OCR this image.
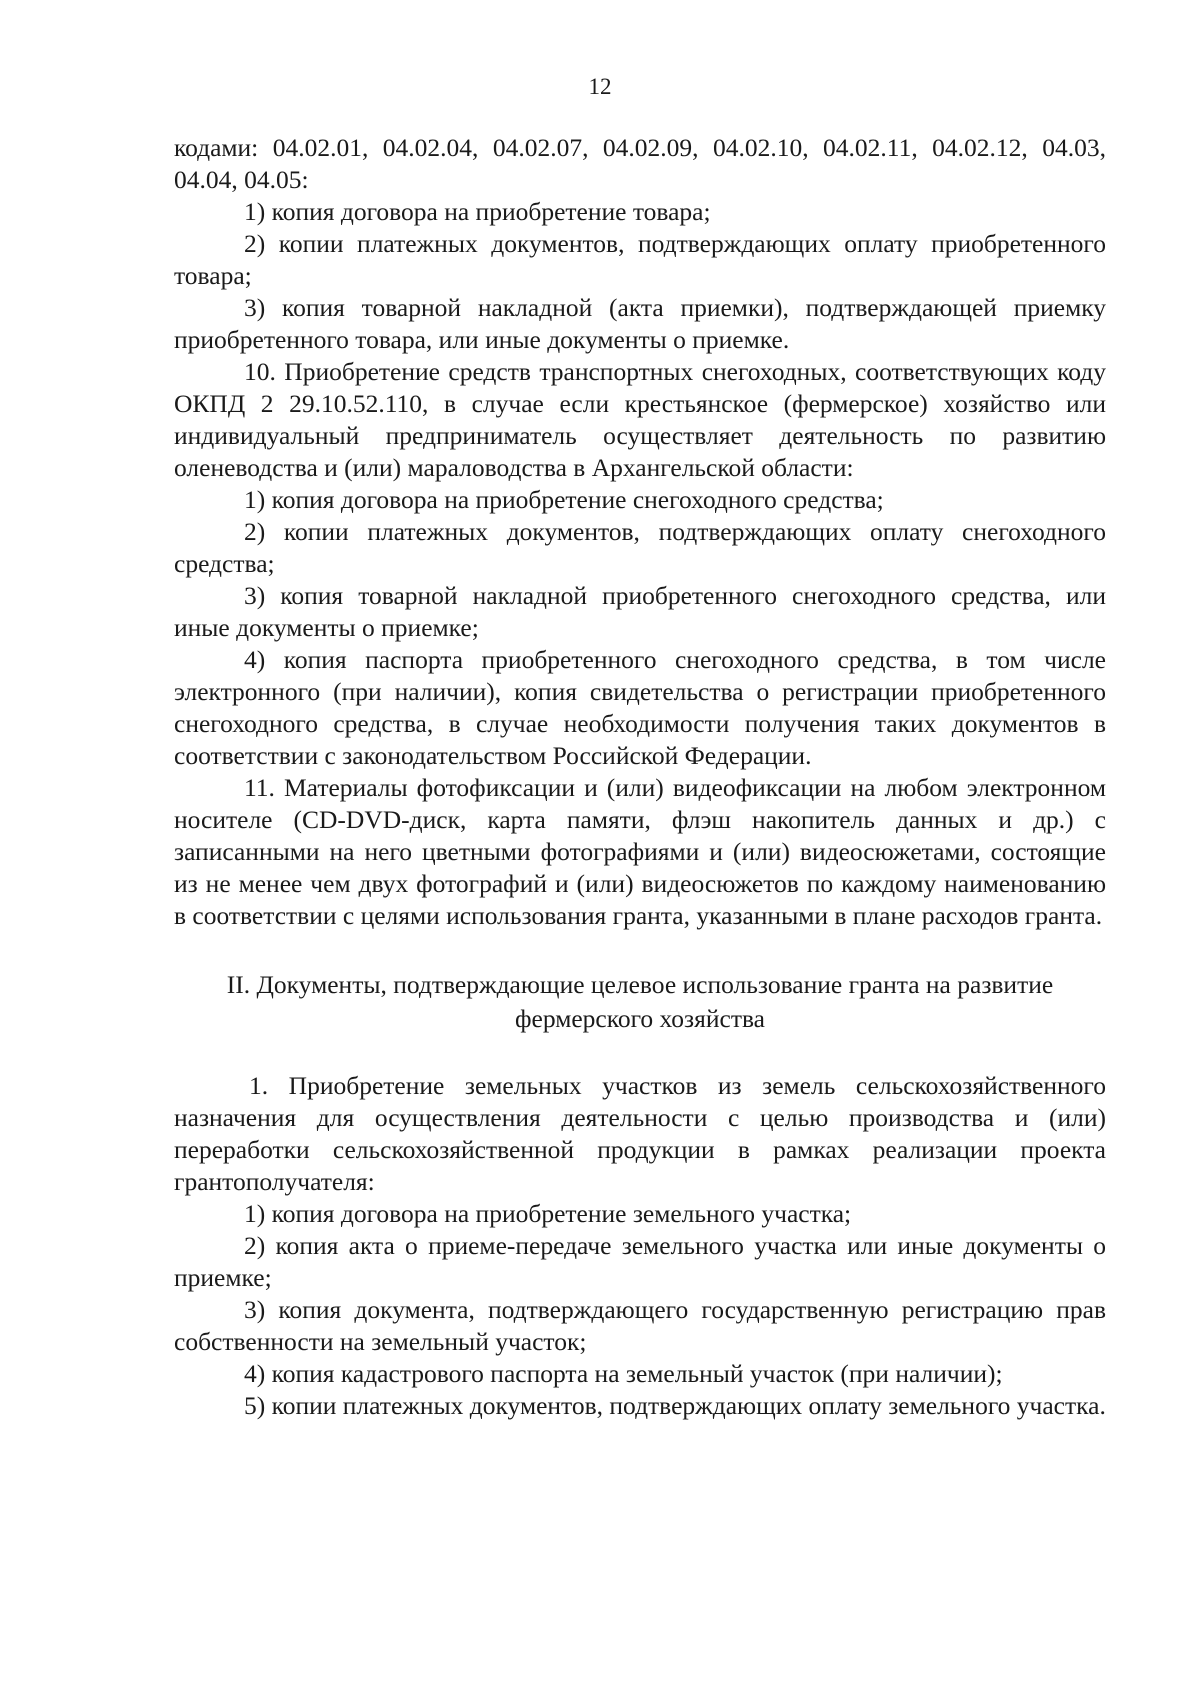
12

кодами: 04.02.01, 04.02.04, 04.02.07, 04.02.09, 04.02.10, 04.02.11, 04.02.12, 04.03, 04.04, 04.05:

1) копия договора на приобретение товара;

2) копии платежных документов, подтверждающих оплату приобретенного товара;

3) копия товарной накладной (акта приемки), подтверждающей приемку приобретенного товара, или иные документы о приемке.

10. Приобретение средств транспортных снегоходных, соответствующих коду ОКПД 2 29.10.52.110, в случае если крестьянское (фермерское) хозяйство или индивидуальный предприниматель осуществляет деятельность по развитию оленеводства и (или) мараловодства в Архангельской области:

1) копия договора на приобретение снегоходного средства;

2) копии платежных документов, подтверждающих оплату снегоходного средства;

3) копия товарной накладной приобретенного снегоходного средства, или иные документы о приемке;

4) копия паспорта приобретенного снегоходного средства, в том числе электронного (при наличии), копия свидетельства о регистрации приобретенного снегоходного средства, в случае необходимости получения таких документов в соответствии с законодательством Российской Федерации.

11. Материалы фотофиксации и (или) видеофиксации на любом электронном носителе (CD-DVD-диск, карта памяти, флэш накопитель данных и др.) с записанными на него цветными фотографиями и (или) видеосюжетами, состоящие из не менее чем двух фотографий и (или) видеосюжетов по каждому наименованию в соответствии с целями использования гранта, указанными в плане расходов гранта.

II. Документы, подтверждающие целевое использование гранта на развитие фермерского хозяйства

1. Приобретение земельных участков из земель сельскохозяйственного назначения для осуществления деятельности с целью производства и (или) переработки сельскохозяйственной продукции в рамках реализации проекта грантополучателя:

1) копия договора на приобретение земельного участка;

2) копия акта о приеме-передаче земельного участка или иные документы о приемке;

3) копия документа, подтверждающего государственную регистрацию прав собственности на земельный участок;

4) копия кадастрового паспорта на земельный участок (при наличии);

5) копии платежных документов, подтверждающих оплату земельного участка.
